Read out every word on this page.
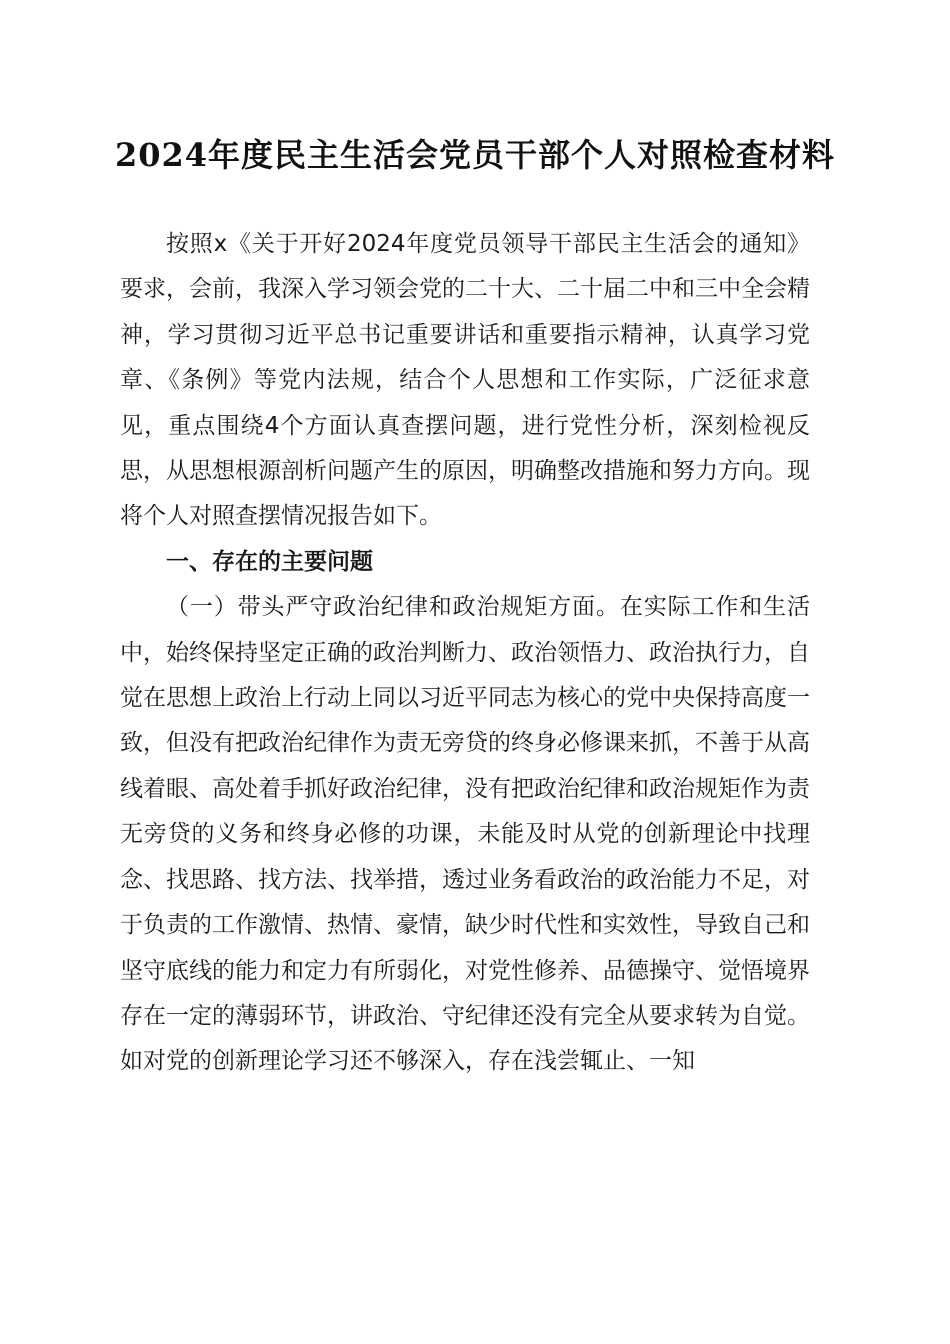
2024年度民主生活会党员干部个人对照检查材料

按照x《关于开好2024年度党员领导干部民主生活会的通知》要求，会前，我深入学习领会党的二十大、二十届二中和三中全会精神，学习贯彻习近平总书记重要讲话和重要指示精神，认真学习党章、《条例》等党内法规，结合个人思想和工作实际，广泛征求意见，重点围绕4个方面认真查摆问题，进行党性分析，深刻检视反思，从思想根源剖析问题产生的原因，明确整改措施和努力方向。现将个人对照查摆情况报告如下。

一、存在的主要问题

（一）带头严守政治纪律和政治规矩方面。在实际工作和生活中，始终保持坚定正确的政治判断力、政治领悟力、政治执行力，自觉在思想上政治上行动上同以习近平同志为核心的党中央保持高度一致，但没有把政治纪律作为责无旁贷的终身必修课来抓，不善于从高线着眼、高处着手抓好政治纪律，没有把政治纪律和政治规矩作为责无旁贷的义务和终身必修的功课，未能及时从党的创新理论中找理念、找思路、找方法、找举措，透过业务看政治的政治能力不足，对于负责的工作激情、热情、豪情，缺少时代性和实效性，导致自己和坚守底线的能力和定力有所弱化，对党性修养、品德操守、觉悟境界存在一定的薄弱环节，讲政治、守纪律还没有完全从要求转为自觉。如对党的创新理论学习还不够深入，存在浅尝辄止、一知
